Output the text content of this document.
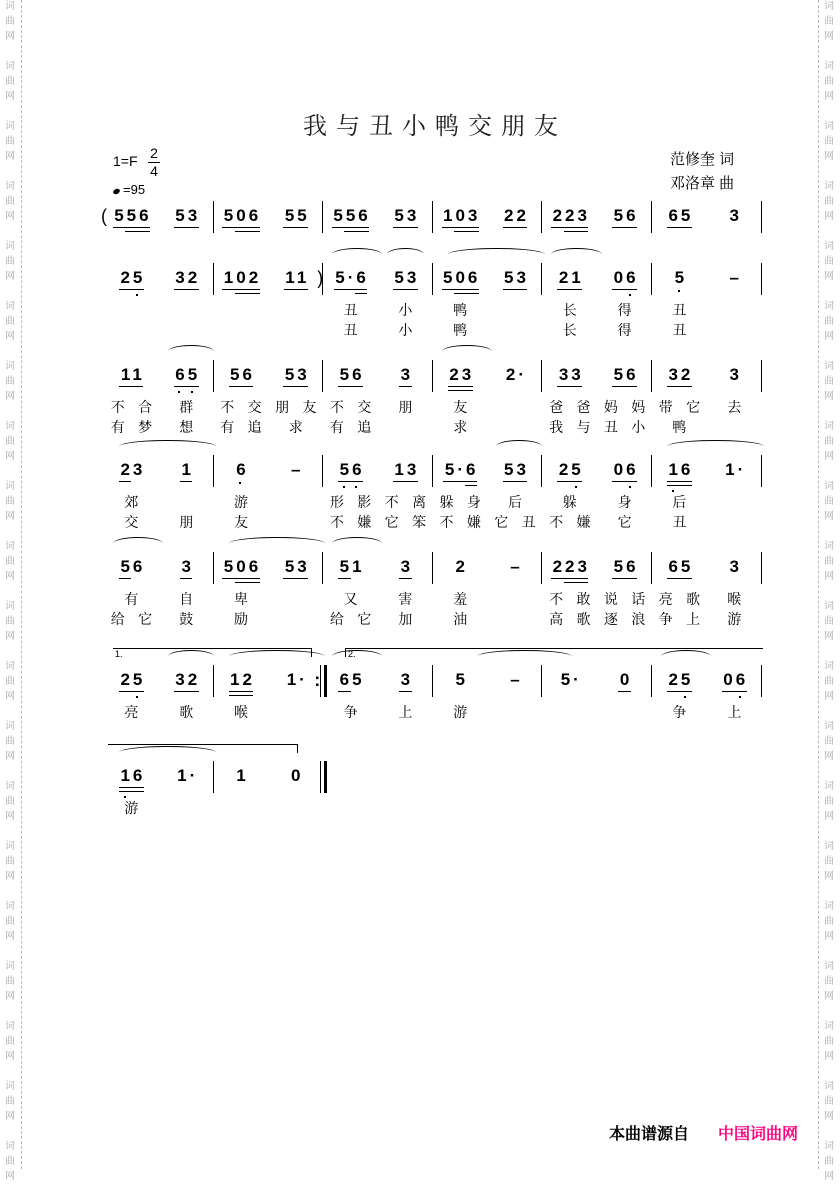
词
曲
网
词
曲
网
词
曲
网
词
曲
网
词
曲
网
词
曲
网
词
曲
网
词
曲
网
词
曲
网
词
曲
网
词
曲
网
词
曲
网
词
曲
网
词
曲
网
词
曲
网
词
曲
网
词
曲
网
词
曲
网
词
曲
网
词
曲
网
词
曲
网
词
曲
网
词
曲
网
词
曲
网
词
曲
网
词
曲
网
词
曲
网
词
曲
网
词
曲
网
词
曲
网
词
曲
网
词
曲
网
词
曲
网
词
曲
网
词
曲
网
词
曲
网
词
曲
网
词
曲
网
词
曲
网
词
曲
网
我与丑小鸭交朋友
1=F 2
4
=95
范修奎 词
邓洛章 曲
( 556	53	506	55	556	53	103	22	223	56	65	3
25	32	)
102	11	5·6
丑
丑
53
小
小
506
鸭
鸭
53	21
长
长
06
得
得
5
丑
丑
–
11
不 合
有 梦
65
群
想
56
不 交
有 追
53
朋 友
求
56
不 交
有 追
3
朋
23
友
求
2·	33
爸 爸
我 与
56
妈 妈
丑 小
32
带 它
鸭
3
去
23
郊
交
1
朋
6
游
友
–	56
形 影
不 嫌
13
不 离
它 笨
5·6
躲 身
不 嫌
53
后
它 丑
25
躲
不 嫌
06
身
它
16
后
丑
1·
56
有
给 它
3
自
鼓
506
卑
励
53	51
又
给 它
3
害
加
2
羞
油
–	223
不 敢
高 歌
56
说 话
逐 浪
65
亮 歌
争 上
3
喉
游
1.	2.
25
亮
32
歌
12
喉
1· :	65
争
3
上
5
游
–	5·	0	25
争
06
上
16
游
1·	1	0
本曲谱源自 中国词曲网
